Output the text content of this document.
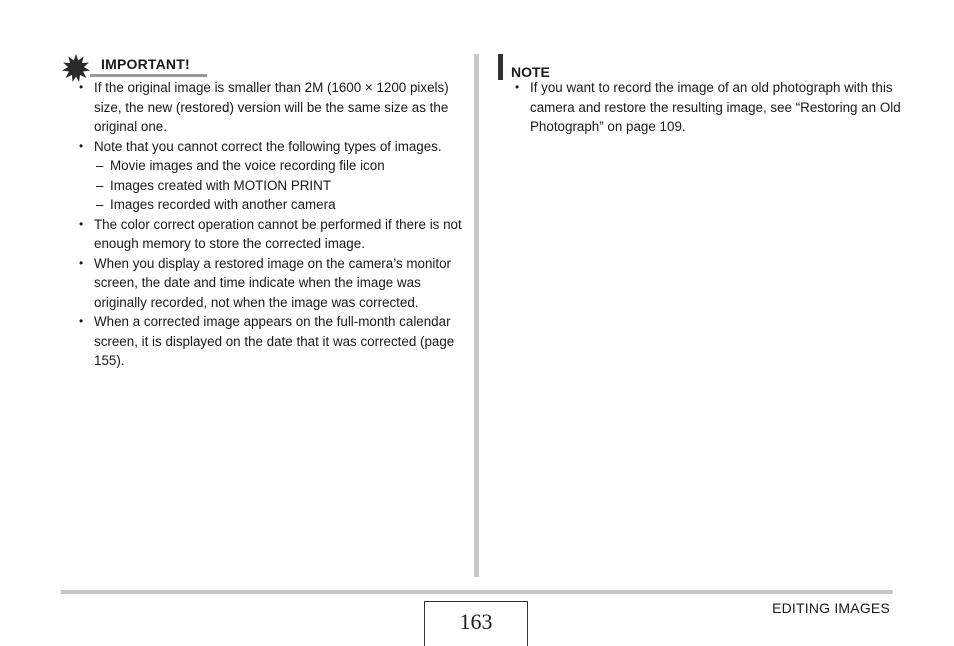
IMPORTANT!
• If the original image is smaller than 2M (1600 × 1200 pixels) size, the new (restored) version will be the same size as the original one.
• Note that you cannot correct the following types of images.
– Movie images and the voice recording file icon
– Images created with MOTION PRINT
– Images recorded with another camera
• The color correct operation cannot be performed if there is not enough memory to store the corrected image.
• When you display a restored image on the camera’s monitor screen, the date and time indicate when the image was originally recorded, not when the image was corrected.
• When a corrected image appears on the full-month calendar screen, it is displayed on the date that it was corrected (page 155).
NOTE
• If you want to record the image of an old photograph with this camera and restore the resulting image, see “Restoring an Old Photograph” on page 109.
163
EDITING IMAGES
